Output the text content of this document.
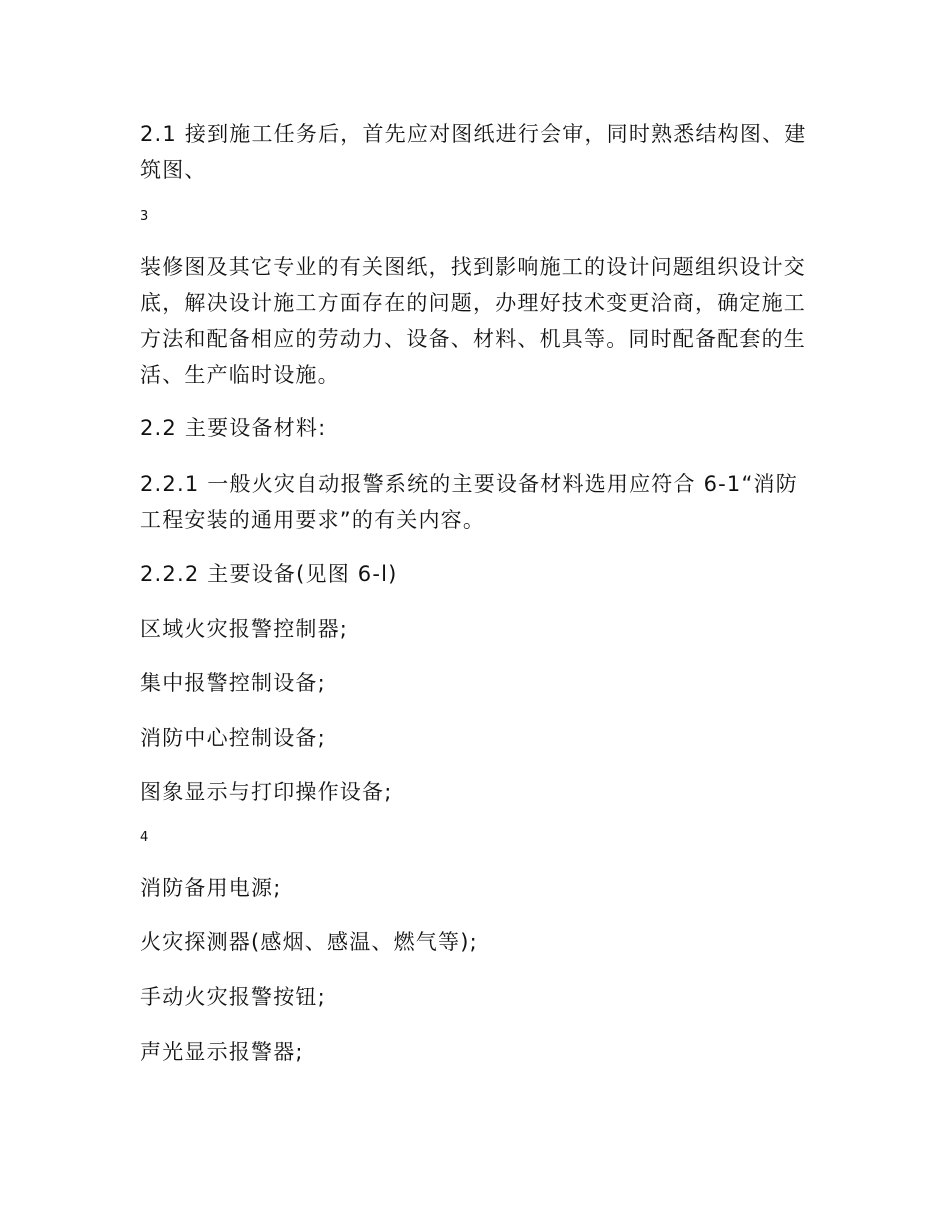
2.1 接到施工任务后，首先应对图纸进行会审，同时熟悉结构图、建筑图、

3

装修图及其它专业的有关图纸，找到影响施工的设计问题组织设计交底，解决设计施工方面存在的问题，办理好技术变更洽商，确定施工方法和配备相应的劳动力、设备、材料、机具等。同时配备配套的生活、生产临时设施。

2.2 主要设备材料:

2.2.1 一般火灾自动报警系统的主要设备材料选用应符合 6-1“消防工程安装的通用要求”的有关内容。

2.2.2 主要设备(见图 6-l)

区域火灾报警控制器;

集中报警控制设备;

消防中心控制设备;

图象显示与打印操作设备;

4

消防备用电源;

火灾探测器(感烟、感温、燃气等);

手动火灾报警按钮;

声光显示报警器;
